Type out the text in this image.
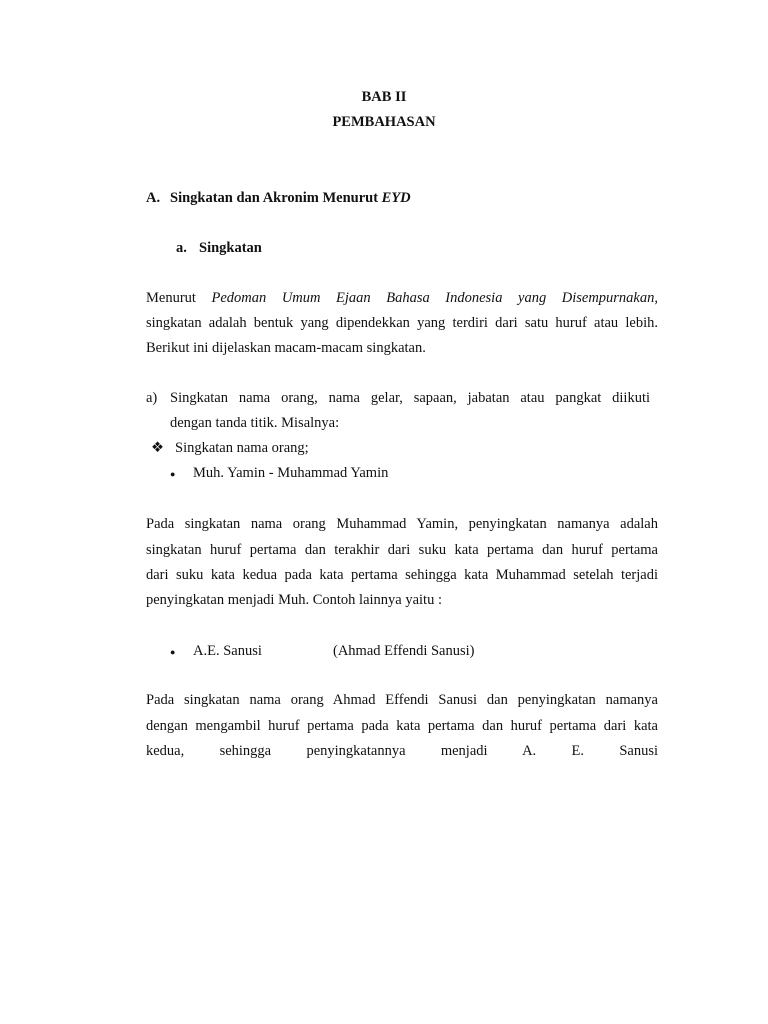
BAB II
PEMBAHASAN
A. Singkatan dan Akronim Menurut EYD
a. Singkatan
Menurut Pedoman Umum Ejaan Bahasa Indonesia yang Disempurnakan,
singkatan adalah bentuk yang dipendekkan yang terdiri dari satu huruf atau lebih.
Berikut ini dijelaskan macam-macam singkatan.
a) Singkatan nama orang, nama gelar, sapaan, jabatan atau pangkat diikuti
dengan tanda titik. Misalnya:
❖ Singkatan nama orang;
● Muh. Yamin - Muhammad Yamin
Pada singkatan nama orang Muhammad Yamin, penyingkatan namanya adalah
singkatan huruf pertama dan terakhir dari suku kata pertama dan huruf pertama
dari suku kata kedua pada kata pertama sehingga kata Muhammad setelah terjadi
penyingkatan menjadi Muh. Contoh lainnya yaitu :
● A.E. Sanusi	(Ahmad Effendi Sanusi)
Pada singkatan nama orang Ahmad Effendi Sanusi dan penyingkatan namanya
dengan mengambil huruf pertama pada kata pertama dan huruf pertama dari kata
kedua, sehingga penyingkatannya menjadi A. E. Sanusi
